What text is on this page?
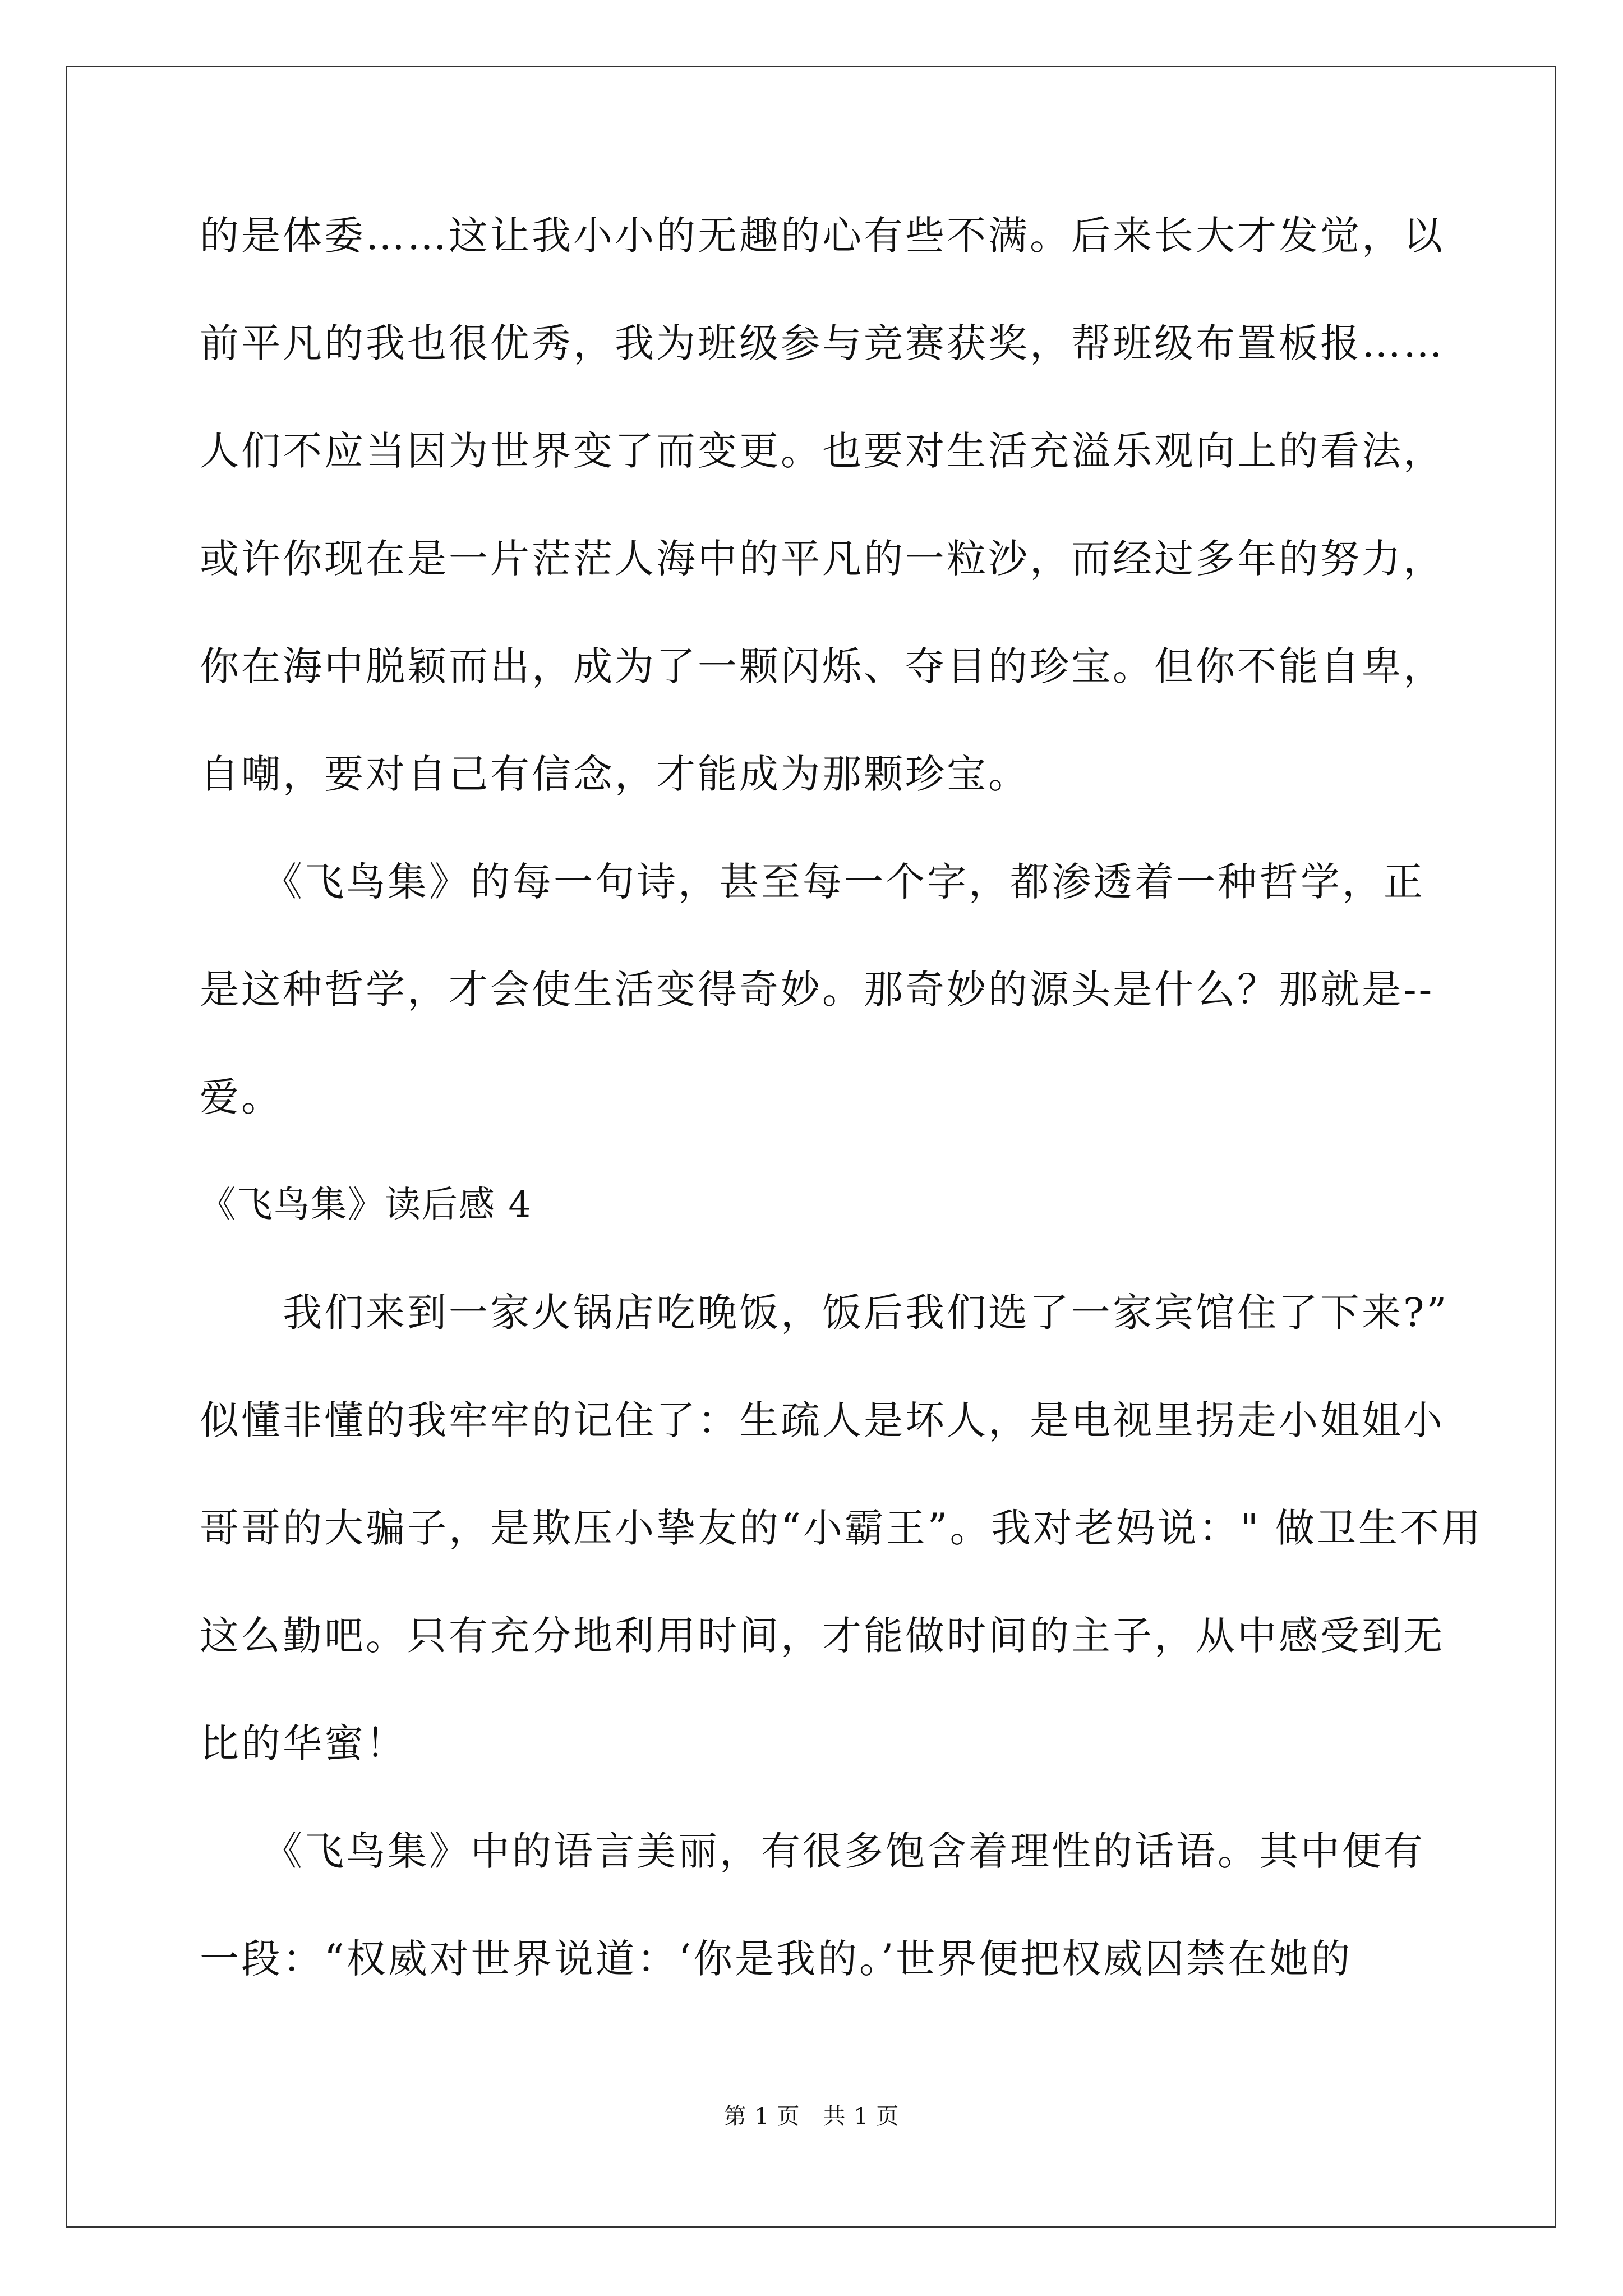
的是体委……这让我小小的无趣的心有些不满。后来长大才发觉，以
前平凡的我也很优秀，我为班级参与竞赛获奖，帮班级布置板报……
人们不应当因为世界变了而变更。也要对生活充溢乐观向上的看法，
或许你现在是一片茫茫人海中的平凡的一粒沙，而经过多年的努力，
你在海中脱颖而出，成为了一颗闪烁、夺目的珍宝。但你不能自卑，
自嘲，要对自己有信念，才能成为那颗珍宝。
　　《飞鸟集》的每一句诗，甚至每一个字，都渗透着一种哲学，正
是这种哲学，才会使生活变得奇妙。那奇妙的源头是什么？那就是--
爱。
《飞鸟集》读后感 4
　　我们来到一家火锅店吃晚饭，饭后我们选了一家宾馆住了下来?”
似懂非懂的我牢牢的记住了：生疏人是坏人，是电视里拐走小姐姐小
哥哥的大骗子，是欺压小挚友的“小霸王”。我对老妈说：" 做卫生不用
这么勤吧。只有充分地利用时间，才能做时间的主子，从中感受到无
比的华蜜！
　　《飞鸟集》中的语言美丽，有很多饱含着理性的话语。其中便有
一段：“权威对世界说道：‘你是我的。’世界便把权威囚禁在她的
第 1 页　共 1 页
